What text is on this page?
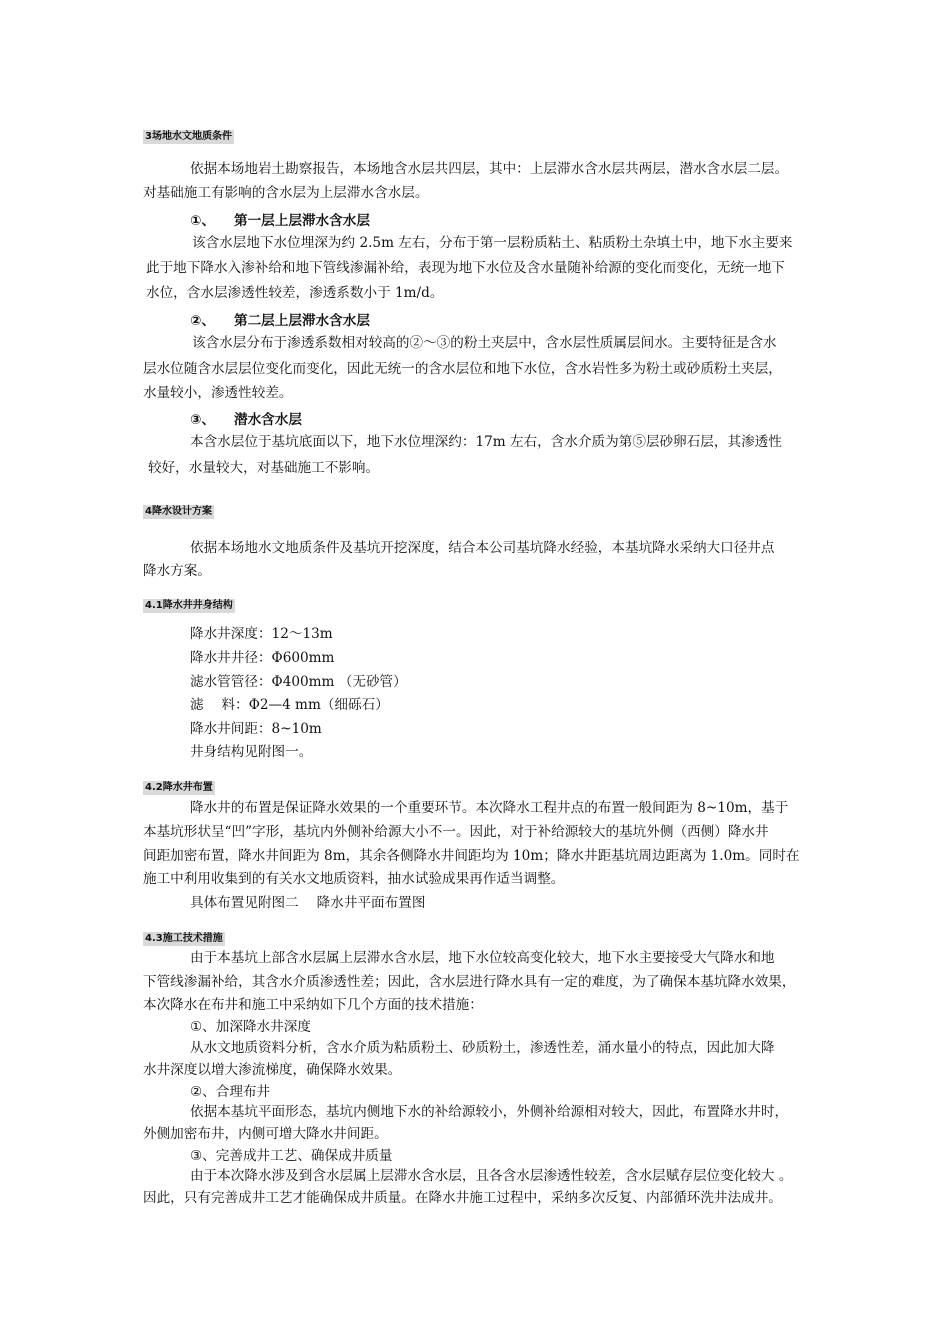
3场地水文地质条件
依据本场地岩土勘察报告，本场地含水层共四层，其中：上层滞水含水层共两层，潜水含水层二层。
对基础施工有影响的含水层为上层滞水含水层。
①、 第一层上层滞水含水层
该含水层地下水位埋深为约 2.5m 左右，分布于第一层粉质粘土、粘质粉土杂填土中，地下水主要来
此于地下降水入渗补给和地下管线渗漏补给，表现为地下水位及含水量随补给源的变化而变化，无统一地下
水位，含水层渗透性较差，渗透系数小于 1m/d。
②、 第二层上层滞水含水层
该含水层分布于渗透系数相对较高的②～③的粉土夹层中，含水层性质属层间水。主要特征是含水
层水位随含水层层位变化而变化，因此无统一的含水层位和地下水位，含水岩性多为粉土或砂质粉土夹层，
水量较小，渗透性较差。
③、 潜水含水层
本含水层位于基坑底面以下，地下水位埋深约：17m 左右，含水介质为第⑤层砂卵石层，其渗透性
较好，水量较大，对基础施工不影响。
4降水设计方案
依据本场地水文地质条件及基坑开挖深度，结合本公司基坑降水经验，本基坑降水采纳大口径井点
降水方案。
4.1降水井井身结构
降水井深度：12～13m
降水井井径：Φ600mm
滤水管管径：Φ400mm （无砂管）
滤　 料：Φ2—4 mm（细砾石）
降水井间距：8~10m
井身结构见附图一。
4.2降水井布置
降水井的布置是保证降水效果的一个重要环节。本次降水工程井点的布置一般间距为 8~10m，基于
本基坑形状呈“凹”字形，基坑内外侧补给源大小不一。因此，对于补给源较大的基坑外侧（西侧）降水井
间距加密布置，降水井间距为 8m，其余各侧降水井间距均为 10m；降水井距基坑周边距离为 1.0m。同时在
施工中利用收集到的有关水文地质资料，抽水试验成果再作适当调整。
具体布置见附图二　 降水井平面布置图
4.3施工技术措施
由于本基坑上部含水层属上层滞水含水层，地下水位较高变化较大，地下水主要接受大气降水和地
下管线渗漏补给，其含水介质渗透性差；因此，含水层进行降水具有一定的难度，为了确保本基坑降水效果，
本次降水在布井和施工中采纳如下几个方面的技术措施：
①、加深降水井深度
从水文地质资料分析，含水介质为粘质粉土、砂质粉土，渗透性差，涌水量小的特点，因此加大降
水井深度以增大渗流梯度，确保降水效果。
②、合理布井
依据本基坑平面形态，基坑内侧地下水的补给源较小，外侧补给源相对较大，因此，布置降水井时，
外侧加密布井，内侧可增大降水井间距。
③、完善成井工艺、确保成井质量
由于本次降水涉及到含水层属上层滞水含水层，且各含水层渗透性较差，含水层赋存层位变化较大 。
因此，只有完善成井工艺才能确保成井质量。在降水井施工过程中，采纳多次反复、内部循环洗井法成井。
